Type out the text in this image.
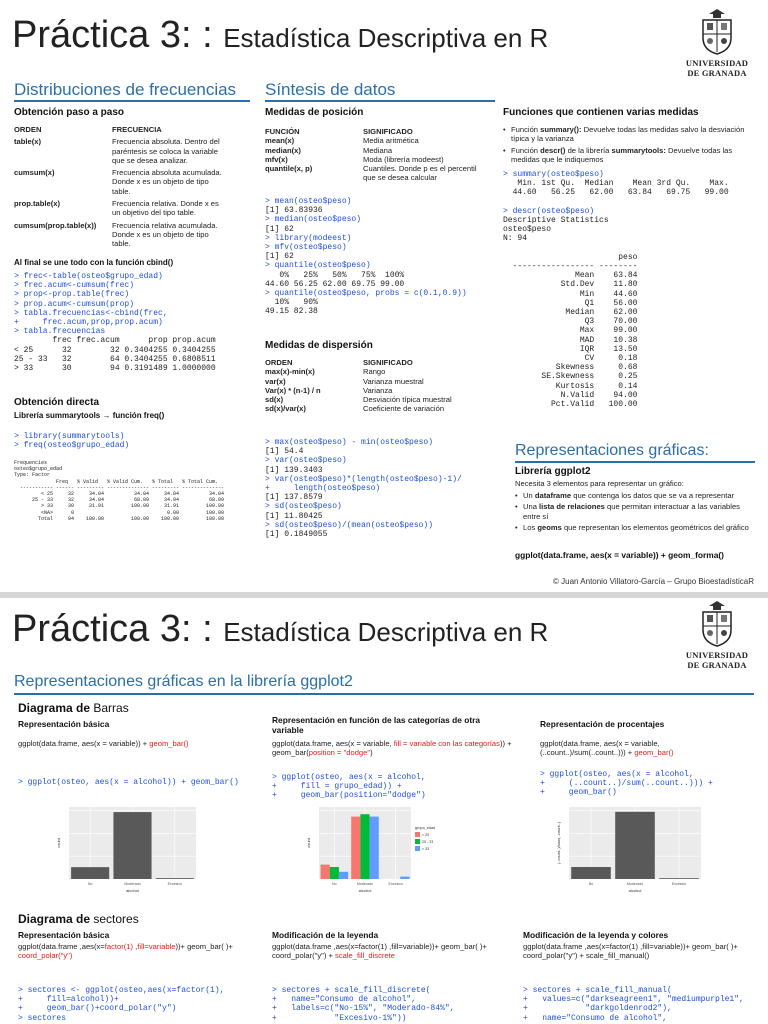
Práctica 3: : Estadística Descriptiva en R
UNIVERSIDAD
DE GRANADA
Distribuciones de frecuencias
Obtención paso a paso
ORDEN	FRECUENCIA
table(x)	Frecuencia absoluta. Dentro del paréntesis se coloca la variable que se desea analizar.
cumsum(x)	Frecuencia absoluta acumulada. Donde x es un objeto de tipo table.
prop.table(x)	Frecuencia relativa. Donde x es un objetivo del tipo table.
cumsum(prop.table(x))	Frecuencia relativa acumulada. Donde x es un objeto de tipo table.
Al final se une todo con la función cbind()
> frec<-table(osteo$grupo_edad)
> frec.acum<-cumsum(frec)
> prop<-prop.table(frec)
> prop.acum<-cumsum(prop)
> tabla.frecuencias<-cbind(frec,
+     frec.acum,prop,prop.acum)
> tabla.frecuencias
frec frec.acum      prop prop.acum
< 25      32        32 0.3404255 0.3404255
25 - 33   32        64 0.3404255 0.6808511
> 33      30        94 0.3191489 1.0000000
Obtención directa
Librería summarytools → función freq()
> library(summarytools)
> freq(osteo$grupo_edad)
Frequencies
osteo$grupo_edad
Type: Factor
Freq   % Valid   % Valid Cum.   % Total   % Total Cum.
----------- ------ --------- -------------- --------- --------------
< 25     32     34.04          34.04     34.04          34.04
25 - 33     32     34.04          68.09     34.04          68.09
> 33     30     31.91         100.00     31.91         100.00
<NA>      0                               0.00         100.00
Total     94    100.00         100.00    100.00         100.00
Síntesis de datos
Medidas de posición
FUNCIÓN	SIGNIFICADO
mean(x)	Media aritmética
median(x)	Mediana
mfv(x)	Moda (librería modeest)
quantile(x, p)	Cuantiles. Donde p es el percentil que se desea calcular
> mean(osteo$peso)
[1] 63.83936
> median(osteo$peso)
[1] 62
> library(modeest)
> mfv(osteo$peso)
[1] 62
> quantile(osteo$peso)
0%   25%   50%   75%  100%
44.60 56.25 62.00 69.75 99.00
> quantile(osteo$peso, probs = c(0.1,0.9))
10%   90%
49.15 82.38
Medidas de dispersión
ORDEN	SIGNIFICADO
max(x)-min(x)	Rango
var(x)	Varianza muestral
Var(x) * (n-1) / n	Varianza
sd(x)	Desviación típica muestral
sd(x)/var(x)	Coeficiente de variación
> max(osteo$peso) - min(osteo$peso)
[1] 54.4
> var(osteo$peso)
[1] 139.3403
> var(osteo$peso)*(length(osteo$peso)-1)/
+     length(osteo$peso)
[1] 137.8579
> sd(osteo$peso)
[1] 11.80425
> sd(osteo$peso)/(mean(osteo$peso))
[1] 0.1849055
Funciones que contienen varias medidas
• Función summary(): Devuelve todas las medidas salvo la desviación típica y la varianza
• Función descr() de la librería summarytools: Devuelve todas las medidas que le indiquemos
> summary(osteo$peso)
Min. 1st Qu.  Median    Mean 3rd Qu.    Max.
44.60   56.25   62.00   63.84   69.75   99.00

> descr(osteo$peso)
Descriptive Statistics
osteo$peso
N: 94

peso
----------------- --------
Mean    63.84
Std.Dev    11.80
Min    44.60
Q1    56.00
Median    62.00
Q3    70.00
Max    99.00
MAD    10.38
IQR    13.50
CV     0.18
Skewness     0.68
SE.Skewness     0.25
Kurtosis     0.14
N.Valid    94.00
Pct.Valid   100.00
Representaciones gráficas:
Librería ggplot2
Necesita 3 elementos para representar un gráfico:
• Un dataframe que contenga los datos que se va a representar
• Una lista de relaciones que permitan interactuar a las variables entre sí
• Los geoms que representan los elementos geométricos del gráfico
ggplot(data.frame, aes(x = variable)) + geom_forma()
© Juan Antonio Villatoro-García – Grupo BioestadísticaR
Práctica 3: : Estadística Descriptiva en R
UNIVERSIDAD
DE GRANADA
Representaciones gráficas en la librería ggplot2
Diagrama de Barras
Representación básica
ggplot(data.frame, aes(x = variable)) + geom_bar()
> ggplot(osteo, aes(x = alcohol)) + geom_bar()
No	Moderado	Excesivo
alcohol
count
Representación en función de las categorías de otra variable
ggplot(data.frame, aes(x = variable, fill = variable con las categorías)) + geom_bar(position = "dodge")
> ggplot(osteo, aes(x = alcohol,
+     fill = grupo_edad)) +
+     geom_bar(position="dodge")
No	Moderado	Excesivo
alcohol
count
grupo_edad
< 25
25 - 33
> 33
Representación de procentajes
ggplot(data.frame, aes(x = variable, (..count..)/sum(..count..))) + geom_bar()
> ggplot(osteo, aes(x = alcohol,
+     (..count..)/sum(..count..))) +
+     geom_bar()
No	Moderado	Excesivo
alcohol
(..count..)/sum(..count..)
Diagrama de sectores
Representación básica
ggplot(data.frame ,aes(x=factor(1) ,fill=variable))+ geom_bar( )+ coord_polar("y")
> sectores <- ggplot(osteo,aes(x=factor(1),
+     fill=alcohol))+
+     geom_bar()+coord_polar("y")
> sectores
Modificación de la leyenda
ggplot(data.frame ,aes(x=factor(1) ,fill=variable))+ geom_bar( )+ coord_polar("y") + scale_fill_discrete
> sectores + scale_fill_discrete(
+   name="Consumo de alcohol",
+   labels=c("No-15%", "Moderado-84%",
+            "Excesivo-1%"))
Modificación de la leyenda y colores
ggplot(data.frame ,aes(x=factor(1) ,fill=variable))+ geom_bar( )+ coord_polar("y") + scale_fill_manual()
> sectores + scale_fill_manual(
+   values=c("darkseagreen1", "mediumpurple1",
+            "darkgoldenrod2"),
+   name="Consumo de alcohol",
